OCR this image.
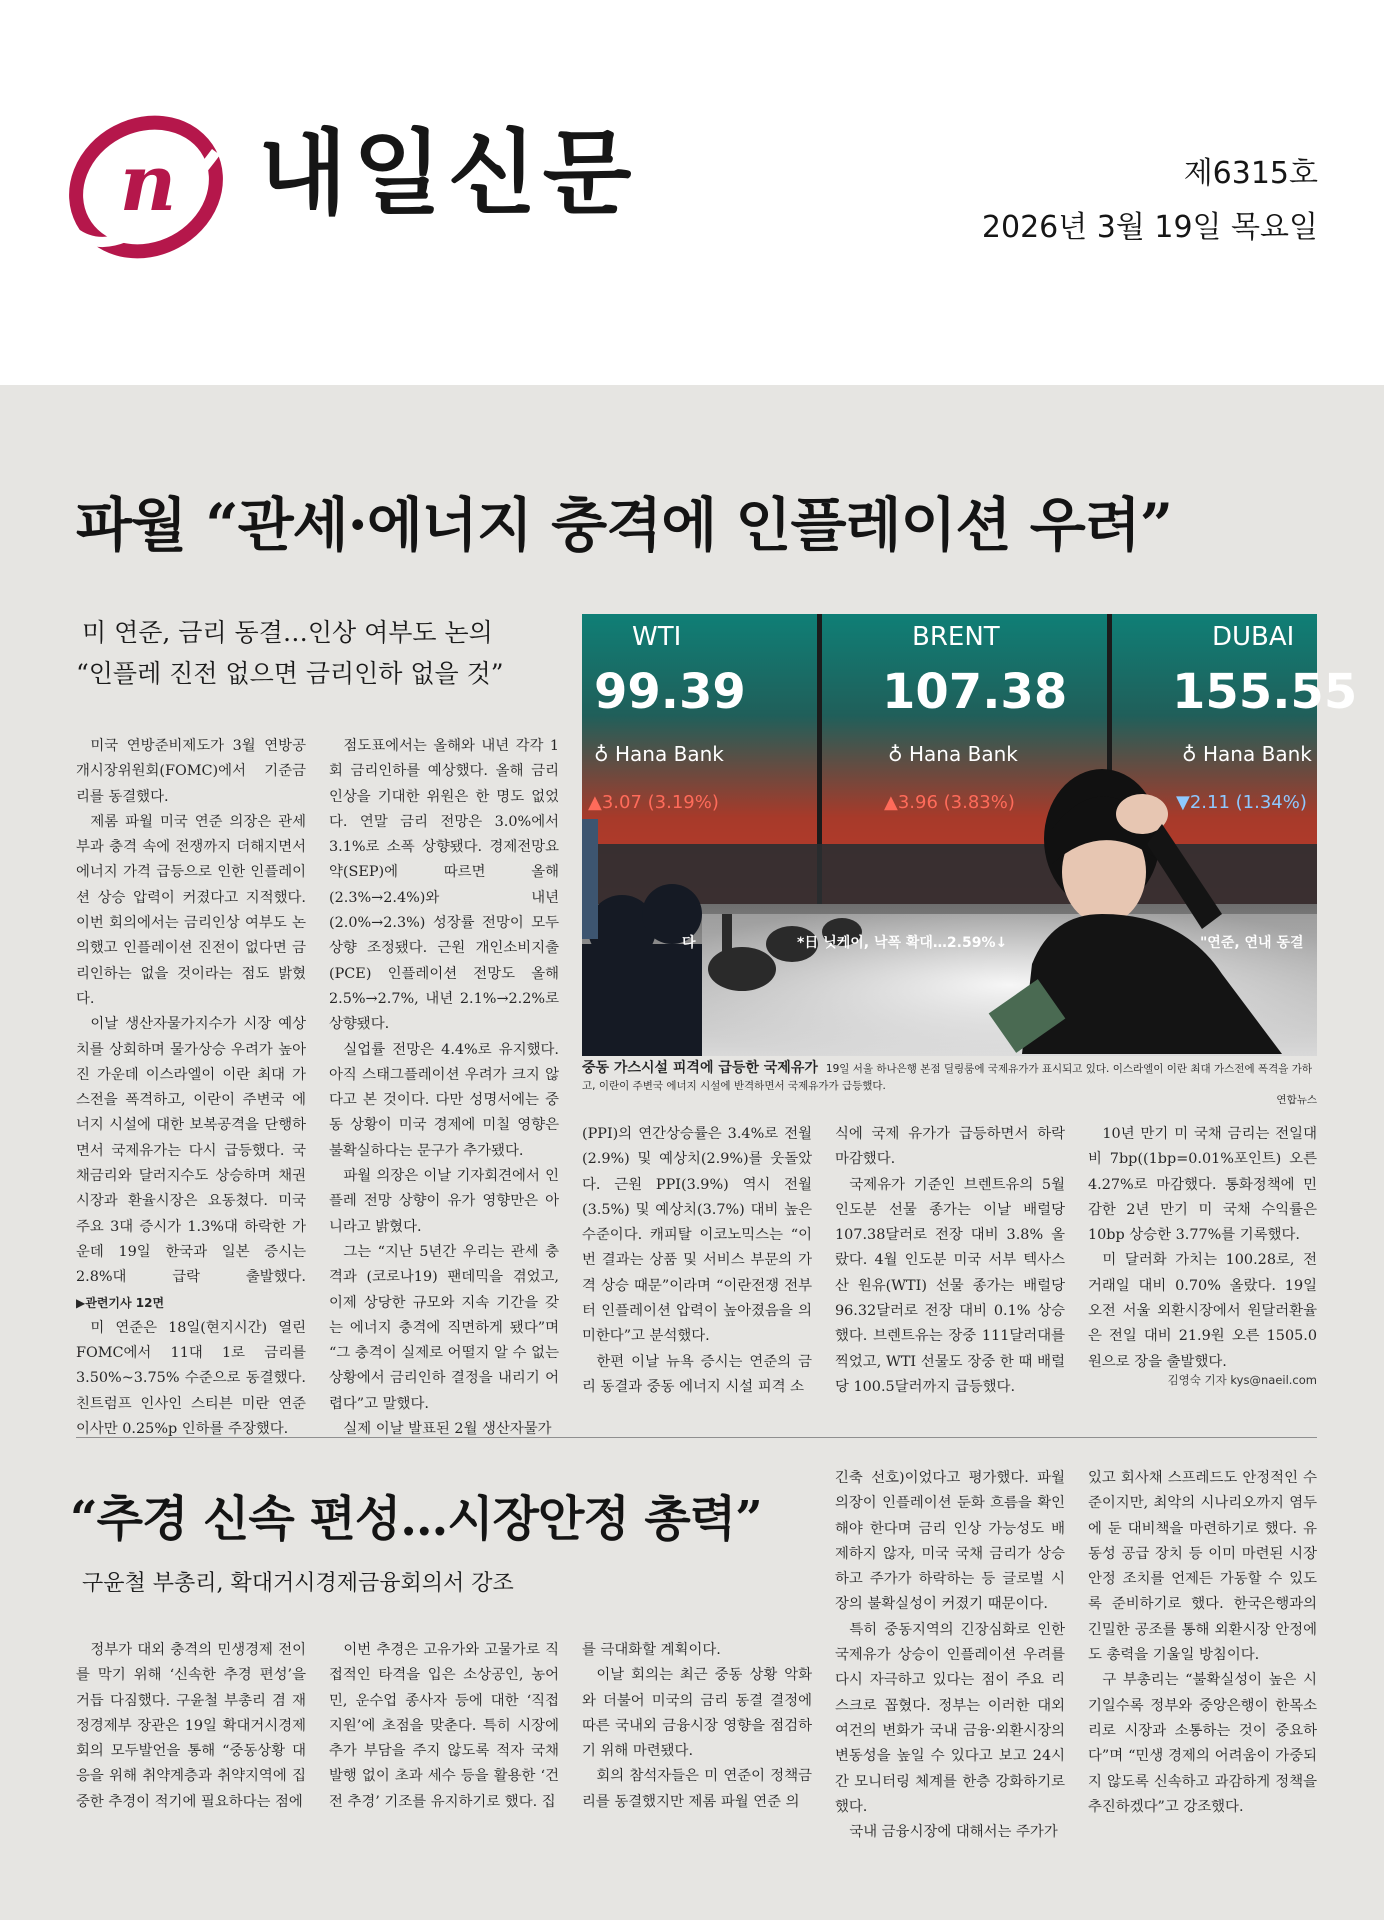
n 내일신문	제6315호
2026년 3월 19일 목요일
파월 “관세·에너지 충격에 인플레이션 우려”
미 연준, 금리 동결…인상 여부도 논의
“인플레 진전 없으면 금리인하 없을 것”
WTI
99.39
♁ Hana Bank
▲3.07 (3.19%)
다
BRENT
107.38
♁ Hana Bank
▲3.96 (3.83%)
*日 닛케이, 낙폭 확대…2.59%↓
DUBAI
155.55
♁ Hana Bank
▼2.11 (1.34%)
"연준, 연내 동결
중동 가스시설 피격에 급등한 국제유가 19일 서울 하나은행 본점 딜링룸에 국제유가가 표시되고 있다. 이스라엘이 이란 최대 가스전에 폭격을 가하고, 이란이 주변국 에너지 시설에 반격하면서 국제유가가 급등했다.
연합뉴스

미국 연방준비제도가 3월 연방공개시장위원회(FOMC)에서 기준금리를 동결했다.

제롬 파월 미국 연준 의장은 관세부과 충격 속에 전쟁까지 더해지면서 에너지 가격 급등으로 인한 인플레이션 상승 압력이 커졌다고 지적했다. 이번 회의에서는 금리인상 여부도 논의했고 인플레이션 진전이 없다면 금리인하는 없을 것이라는 점도 밝혔다.

이날 생산자물가지수가 시장 예상치를 상회하며 물가상승 우려가 높아진 가운데 이스라엘이 이란 최대 가스전을 폭격하고, 이란이 주변국 에너지 시설에 대한 보복공격을 단행하면서 국제유가는 다시 급등했다. 국채금리와 달러지수도 상승하며 채권시장과 환율시장은 요동쳤다. 미국 주요 3대 증시가 1.3%대 하락한 가운데 19일 한국과 일본 증시는 2.8%대 급락 출발했다. ▶관련기사 12면

미 연준은 18일(현지시간) 열린 FOMC에서 11대 1로 금리를 3.50%~3.75% 수준으로 동결했다. 친트럼프 인사인 스티븐 미란 연준 이사만 0.25%p 인하를 주장했다.

점도표에서는 올해와 내년 각각 1회 금리인하를 예상했다. 올해 금리인상을 기대한 위원은 한 명도 없었다. 연말 금리 전망은 3.0%에서 3.1%로 소폭 상향됐다. 경제전망요약(SEP)에 따르면 올해(2.3%→2.4%)와 내년(2.0%→2.3%) 성장률 전망이 모두 상향 조정됐다. 근원 개인소비지출(PCE) 인플레이션 전망도 올해 2.5%→2.7%, 내년 2.1%→2.2%로 상향됐다.

실업률 전망은 4.4%로 유지했다. 아직 스태그플레이션 우려가 크지 않다고 본 것이다. 다만 성명서에는 중동 상황이 미국 경제에 미칠 영향은 불확실하다는 문구가 추가됐다.

파월 의장은 이날 기자회견에서 인플레 전망 상향이 유가 영향만은 아니라고 밝혔다.

그는 “지난 5년간 우리는 관세 충격과 (코로나19) 팬데믹을 겪었고, 이제 상당한 규모와 지속 기간을 갖는 에너지 충격에 직면하게 됐다”며 “그 충격이 실제로 어떨지 알 수 없는 상황에서 금리인하 결정을 내리기 어렵다”고 말했다.

실제 이날 발표된 2월 생산자물가

(PPI)의 연간상승률은 3.4%로 전월(2.9%) 및 예상치(2.9%)를 웃돌았다. 근원 PPI(3.9%) 역시 전월(3.5%) 및 예상치(3.7%) 대비 높은 수준이다. 캐피탈 이코노믹스는 “이번 결과는 상품 및 서비스 부문의 가격 상승 때문”이라며 “이란전쟁 전부터 인플레이션 압력이 높아졌음을 의미한다”고 분석했다.

한편 이날 뉴욕 증시는 연준의 금리 동결과 중동 에너지 시설 피격 소

식에 국제 유가가 급등하면서 하락 마감했다.

국제유가 기준인 브렌트유의 5월 인도분 선물 종가는 이날 배럴당 107.38달러로 전장 대비 3.8% 올랐다. 4월 인도분 미국 서부 텍사스산 원유(WTI) 선물 종가는 배럴당 96.32달러로 전장 대비 0.1% 상승했다. 브렌트유는 장중 111달러대를 찍었고, WTI 선물도 장중 한 때 배럴당 100.5달러까지 급등했다.

10년 만기 미 국채 금리는 전일대비 7bp((1bp=0.01%포인트) 오른 4.27%로 마감했다. 통화정책에 민감한 2년 만기 미 국채 수익률은 10bp 상승한 3.77%를 기록했다.

미 달러화 가치는 100.28로, 전 거래일 대비 0.70% 올랐다. 19일 오전 서울 외환시장에서 원달러환율은 전일 대비 21.9원 오른 1505.0원으로 장을 출발했다.

김영숙 기자 kys@naeil.com
“추경 신속 편성…시장안정 총력”
구윤철 부총리, 확대거시경제금융회의서 강조

정부가 대외 충격의 민생경제 전이를 막기 위해 ‘신속한 추경 편성’을 거듭 다짐했다. 구윤철 부총리 겸 재정경제부 장관은 19일 확대거시경제회의 모두발언을 통해 “중동상황 대응을 위해 취약계층과 취약지역에 집중한 추경이 적기에 필요하다는 점에

이번 추경은 고유가와 고물가로 직접적인 타격을 입은 소상공인, 농어민, 운수업 종사자 등에 대한 ‘직접 지원’에 초점을 맞춘다. 특히 시장에 추가 부담을 주지 않도록 적자 국채 발행 없이 초과 세수 등을 활용한 ‘건전 추경’ 기조를 유지하기로 했다. 집

를 극대화할 계획이다.

이날 회의는 최근 중동 상황 악화와 더불어 미국의 금리 동결 결정에 따른 국내외 금융시장 영향을 점검하기 위해 마련됐다.

회의 참석자들은 미 연준이 정책금리를 동결했지만 제롬 파월 연준 의

긴축 선호)이었다고 평가했다. 파월 의장이 인플레이션 둔화 흐름을 확인해야 한다며 금리 인상 가능성도 배제하지 않자, 미국 국채 금리가 상승하고 주가가 하락하는 등 글로벌 시장의 불확실성이 커졌기 때문이다.

특히 중동지역의 긴장심화로 인한 국제유가 상승이 인플레이션 우려를 다시 자극하고 있다는 점이 주요 리스크로 꼽혔다. 정부는 이러한 대외 여건의 변화가 국내 금융·외환시장의 변동성을 높일 수 있다고 보고 24시간 모니터링 체계를 한층 강화하기로 했다.

국내 금융시장에 대해서는 주가가

있고 회사채 스프레드도 안정적인 수준이지만, 최악의 시나리오까지 염두에 둔 대비책을 마련하기로 했다. 유동성 공급 장치 등 이미 마련된 시장 안정 조치를 언제든 가동할 수 있도록 준비하기로 했다. 한국은행과의 긴밀한 공조를 통해 외환시장 안정에도 총력을 기울일 방침이다.

구 부총리는 “불확실성이 높은 시기일수록 정부와 중앙은행이 한목소리로 시장과 소통하는 것이 중요하다”며 “민생 경제의 어려움이 가중되지 않도록 신속하고 과감하게 정책을 추진하겠다”고 강조했다.
